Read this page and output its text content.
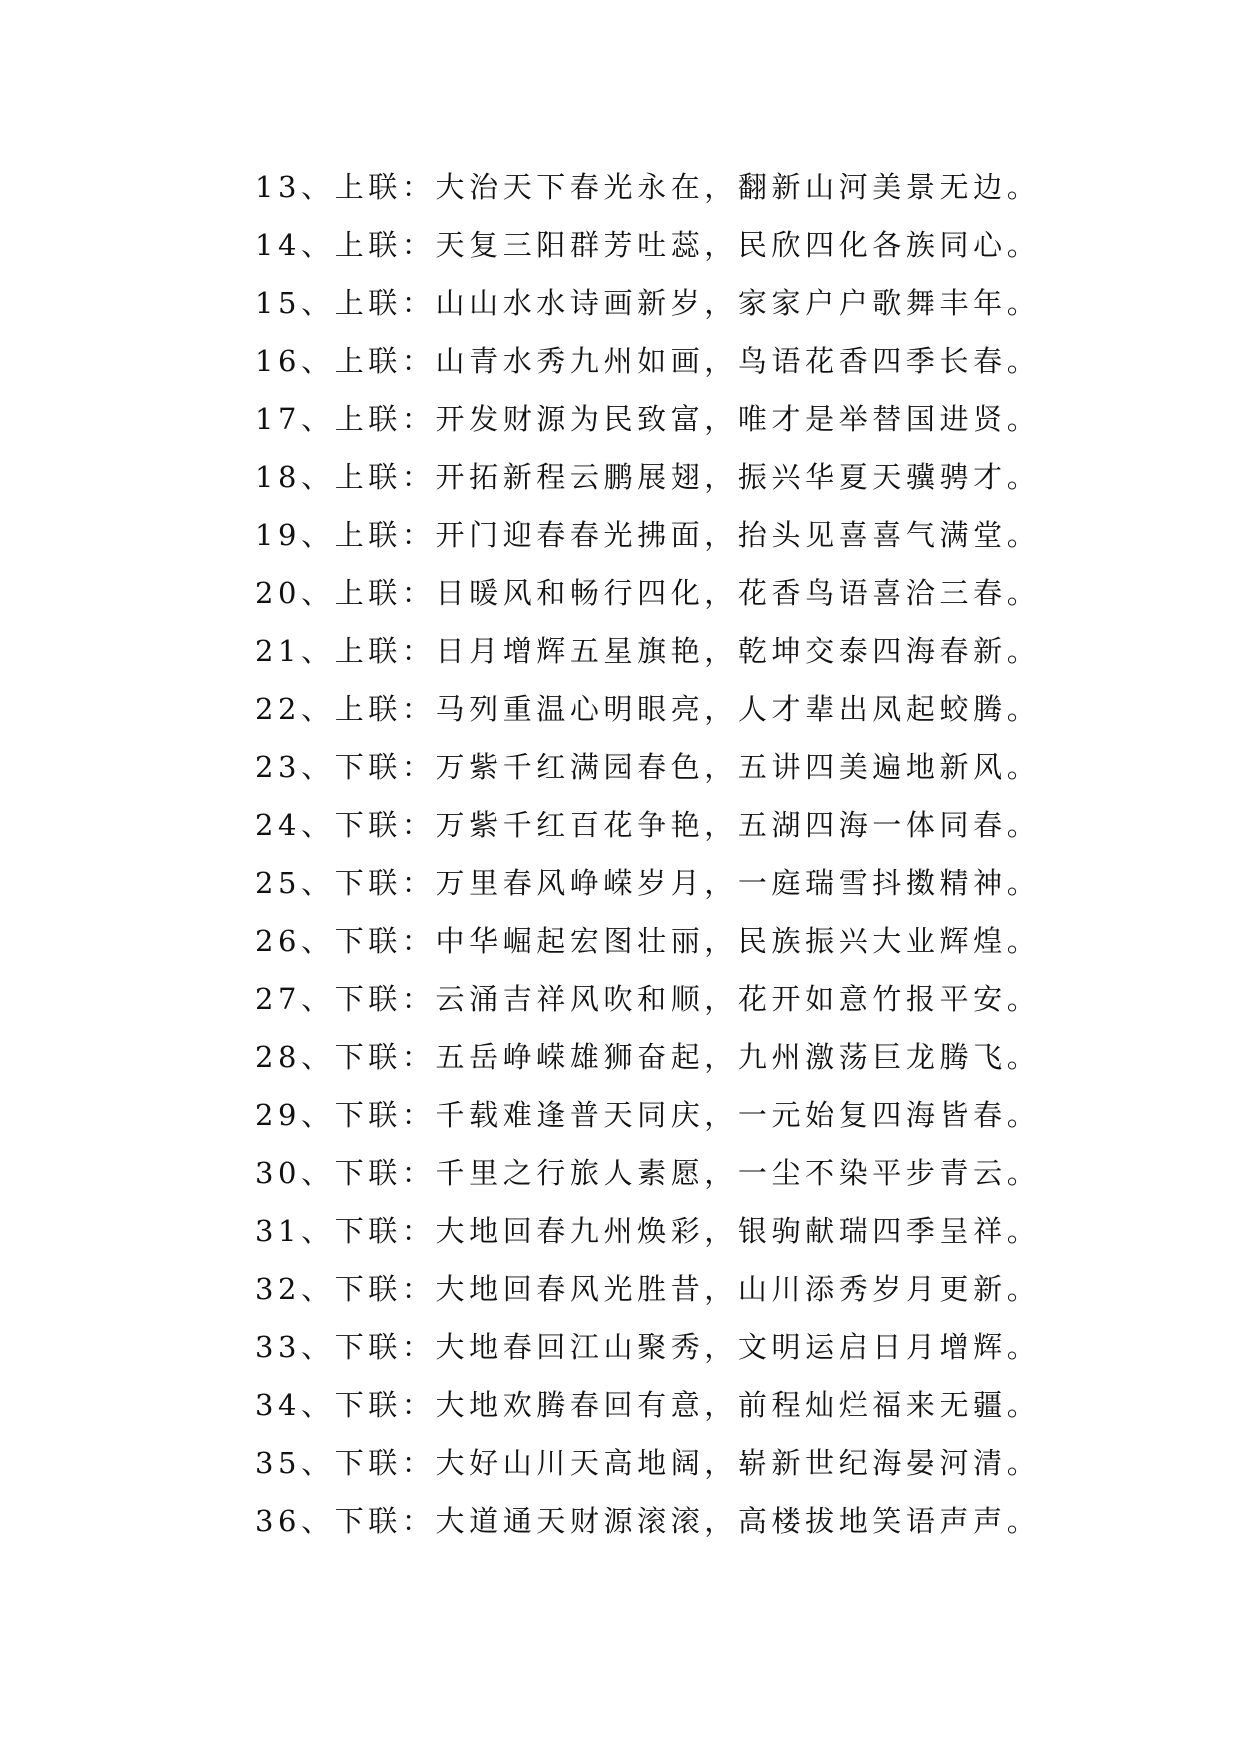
13、上联：大治天下春光永在，翻新山河美景无边。
14、上联：天复三阳群芳吐蕊，民欣四化各族同心。
15、上联：山山水水诗画新岁，家家户户歌舞丰年。
16、上联：山青水秀九州如画，鸟语花香四季长春。
17、上联：开发财源为民致富，唯才是举替国进贤。
18、上联：开拓新程云鹏展翅，振兴华夏天骥骋才。
19、上联：开门迎春春光拂面，抬头见喜喜气满堂。
20、上联：日暖风和畅行四化，花香鸟语喜洽三春。
21、上联：日月增辉五星旗艳，乾坤交泰四海春新。
22、上联：马列重温心明眼亮，人才辈出凤起蛟腾。
23、下联：万紫千红满园春色，五讲四美遍地新风。
24、下联：万紫千红百花争艳，五湖四海一体同春。
25、下联：万里春风峥嵘岁月，一庭瑞雪抖擞精神。
26、下联：中华崛起宏图壮丽，民族振兴大业辉煌。
27、下联：云涌吉祥风吹和顺，花开如意竹报平安。
28、下联：五岳峥嵘雄狮奋起，九州激荡巨龙腾飞。
29、下联：千载难逢普天同庆，一元始复四海皆春。
30、下联：千里之行旅人素愿，一尘不染平步青云。
31、下联：大地回春九州焕彩，银驹献瑞四季呈祥。
32、下联：大地回春风光胜昔，山川添秀岁月更新。
33、下联：大地春回江山聚秀，文明运启日月增辉。
34、下联：大地欢腾春回有意，前程灿烂福来无疆。
35、下联：大好山川天高地阔，崭新世纪海晏河清。
36、下联：大道通天财源滚滚，高楼拔地笑语声声。
